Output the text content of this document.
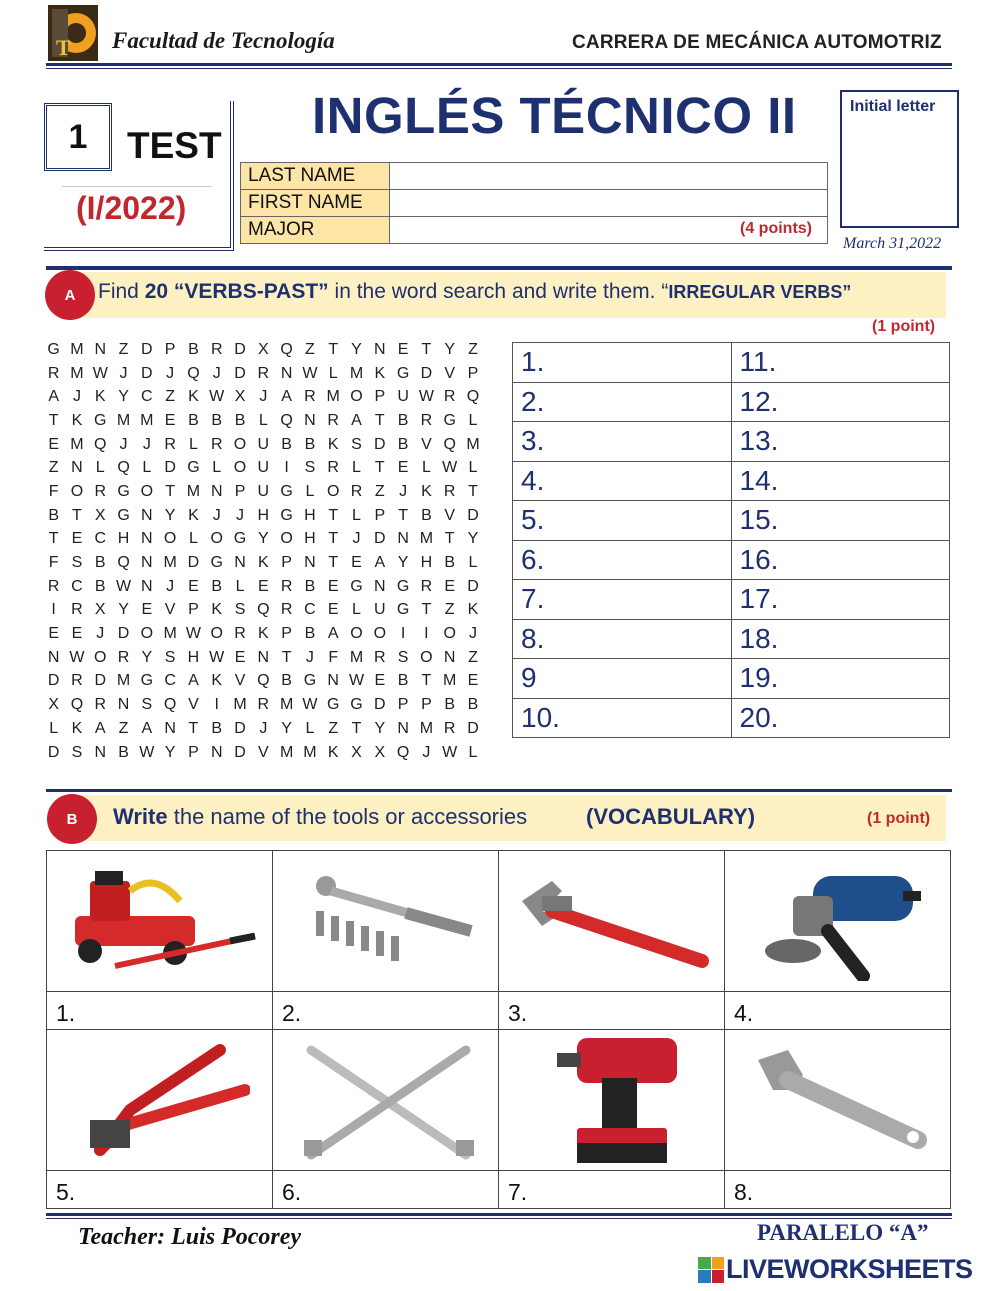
T Facultad de Tecnología	CARRERA DE MECÁNICA AUTOMOTRIZ
1	TEST
(I/2022)
INGLÉS TÉCNICO II
LAST NAME	
FIRST NAME	
MAJOR		(4 points)
Initial letter
March 31,2022
A	Find 20 “VERBS-PAST” in the word search and write them. “IRREGULAR VERBS”
(1 point)
G M N Z D P B R D X Q Z T Y N E T Y Z
R M W J D J Q J D R N W L M K G D V P
A J K Y C Z K W X J A R M O P U W R Q
T K G M M E B B B L Q N R A T B R G L
E M Q J J R L R O U B B K S D B V Q M
Z N L Q L D G L O U I S R L T E L W L
F O R G O T M N P U G L O R Z J K R T
B T X G N Y K J J H G H T L P T B V D
T E C H N O L O G Y O H T J D N M T Y
F S B Q N M D G N K P N T E A Y H B L
R C B W N J E B L E R B E G N G R E D
I R X Y E V P K S Q R C E L U G T Z K
E E J D O M W O R K P B A O O I	I O J
N W O R Y S H W E N T J F M R S O N Z
D R D M G C A K V Q B G N W E B T M E
X Q R N S Q V I M R M W G G D P P B B
L K A Z A N T B D J Y L Z T Y N M R D
D S N B W Y P N D V M M K X X Q J W L
1.	11.
2.	12.
3.	13.
4.	14.
5.	15.
6.	16.
7.	17.
8.	18.
9	19.
10.	20.
B	Write the name of the tools or accessories	(VOCABULARY)	(1 point)

1.	2.	3.	4.

5.	6.	7.	8.
Teacher: Luis Pocorey	PARALELO “A”
LIVEWORKSHEETS
